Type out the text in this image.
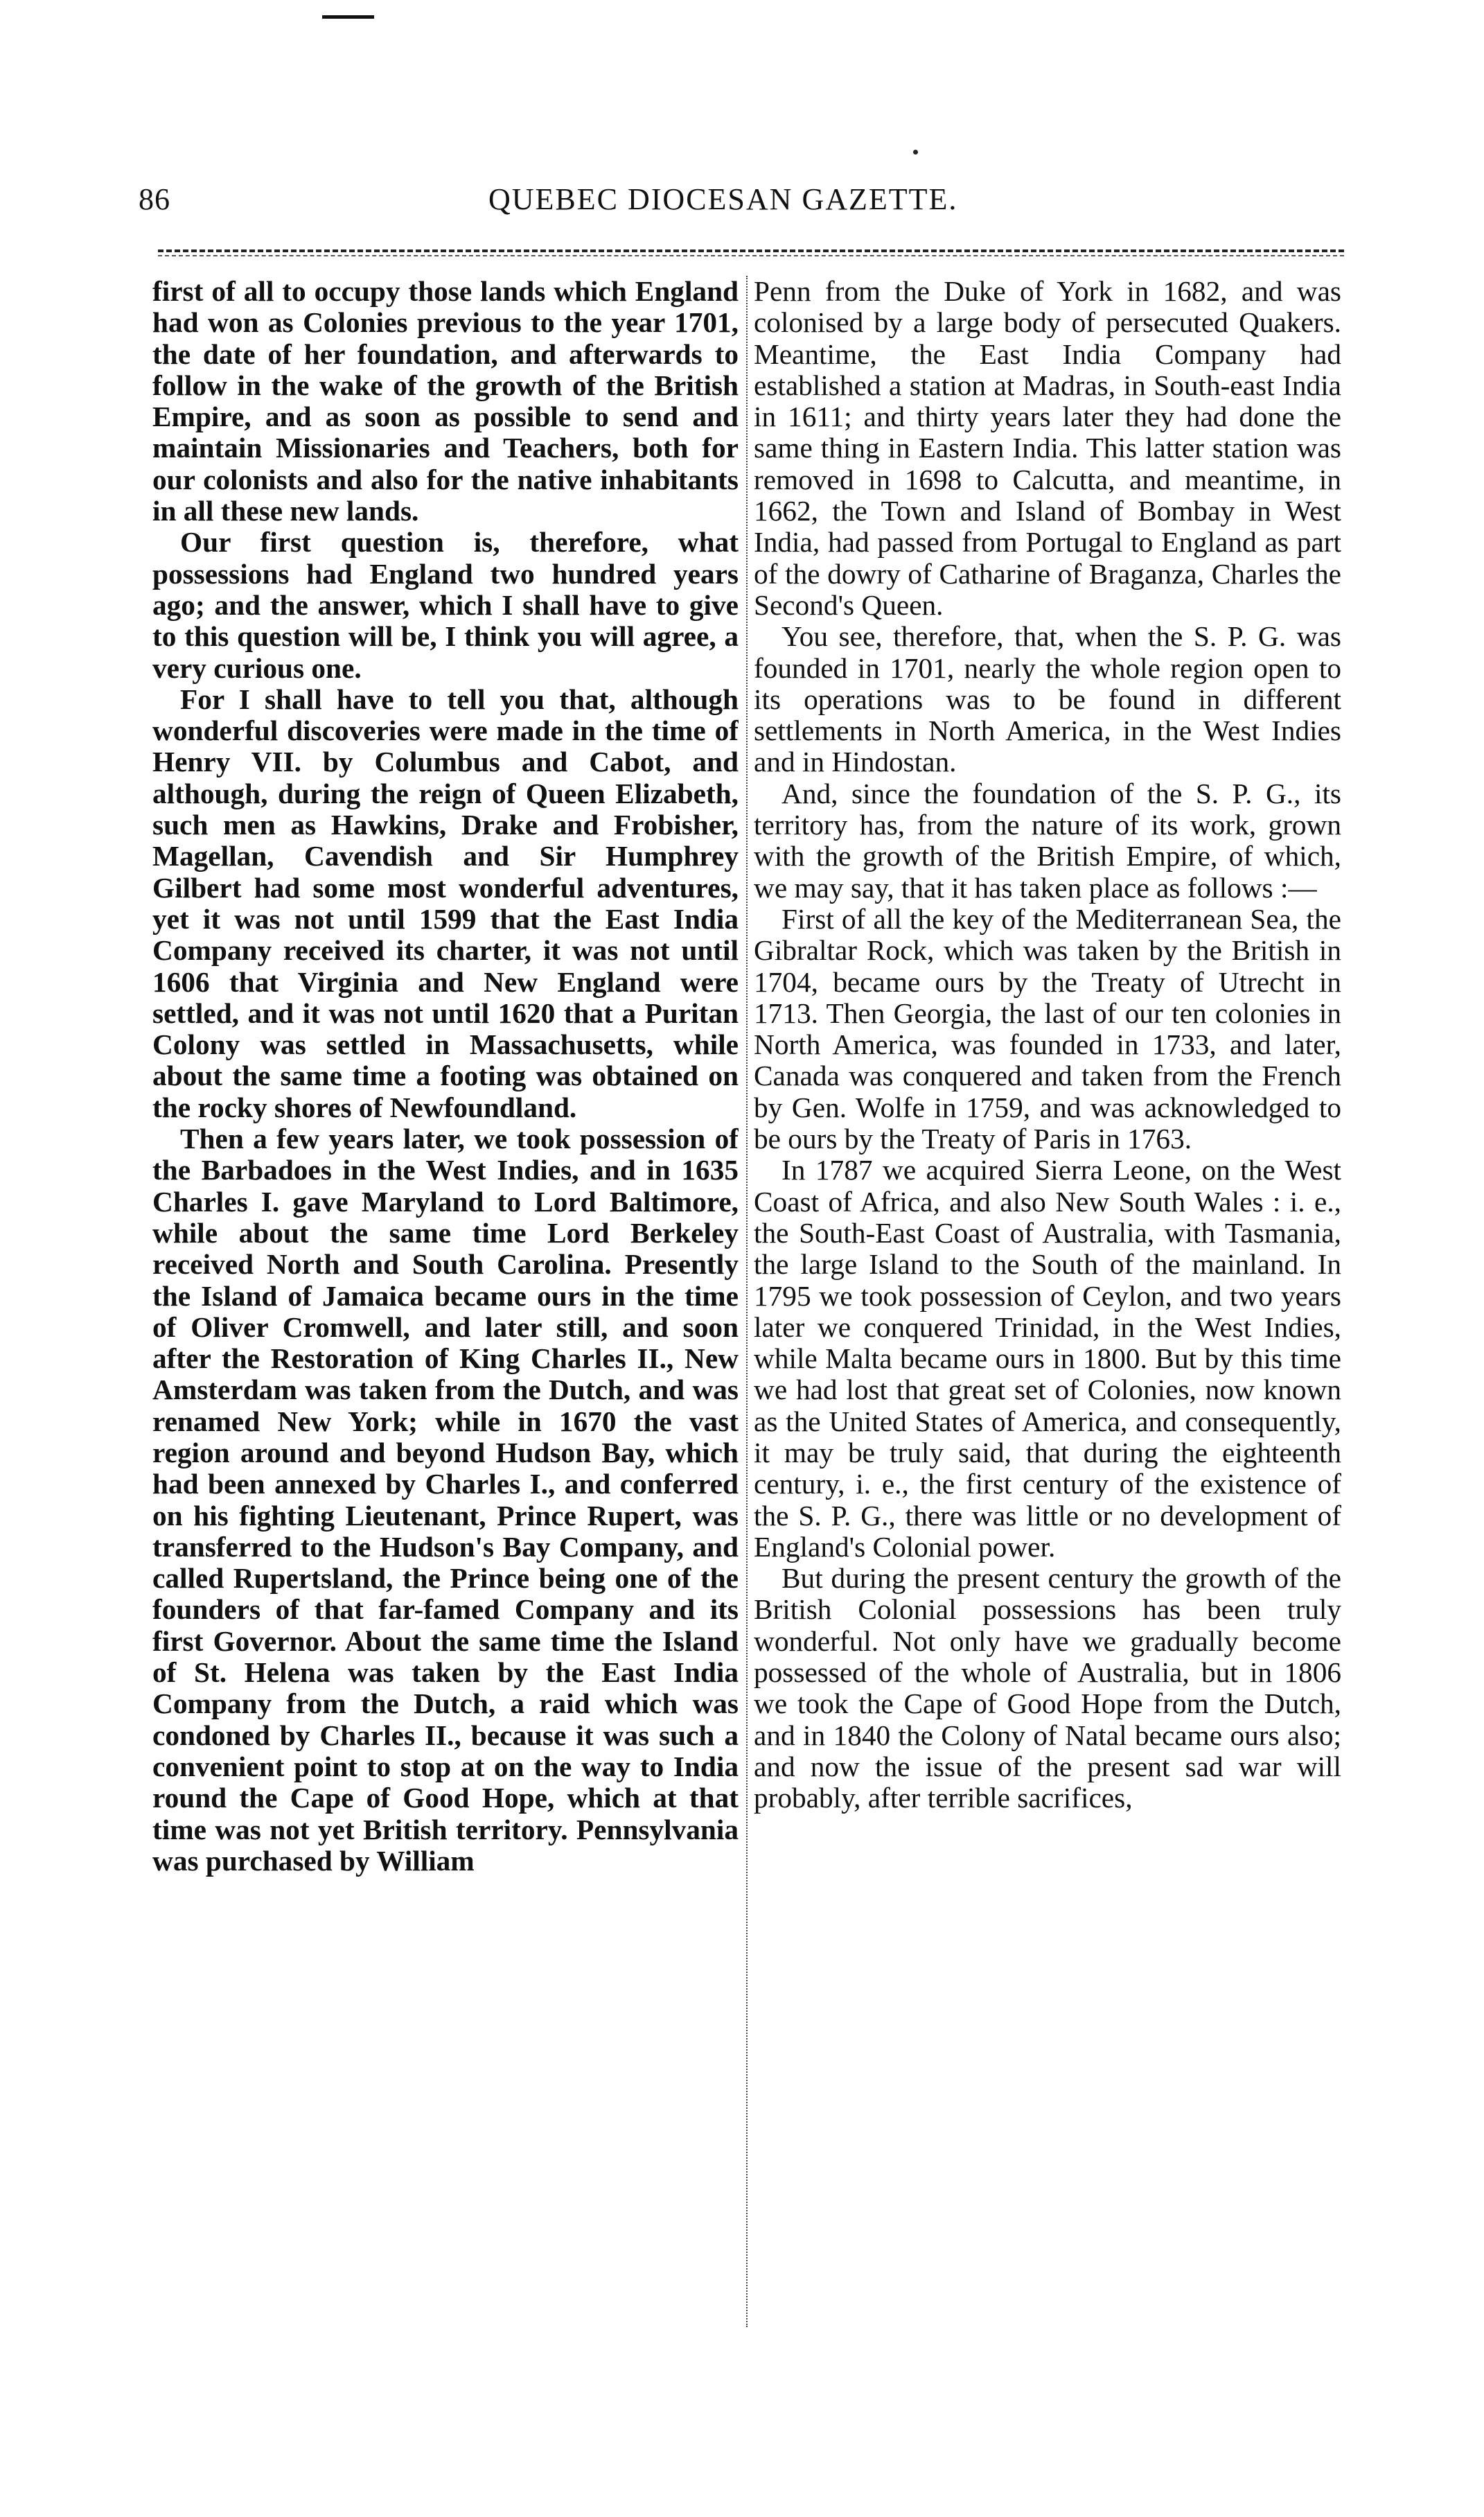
86	QUEBEC DIOCESAN GAZETTE.

first of all to occupy those lands which England had won as Colonies previous to the year 1701, the date of her foundation, and afterwards to follow in the wake of the growth of the British Empire, and as soon as possible to send and maintain Missionaries and Teachers, both for our colonists and also for the native inhabitants in all these new lands.

Our first question is, therefore, what possessions had England two hundred years ago; and the answer, which I shall have to give to this question will be, I think you will agree, a very curious one.

For I shall have to tell you that, although wonderful discoveries were made in the time of Henry VII. by Columbus and Cabot, and although, during the reign of Queen Elizabeth, such men as Hawkins, Drake and Frobisher, Magellan, Cavendish and Sir Humphrey Gilbert had some most wonderful adventures, yet it was not until 1599 that the East India Company received its charter, it was not until 1606 that Virginia and New England were settled, and it was not until 1620 that a Puritan Colony was settled in Massachusetts, while about the same time a footing was obtained on the rocky shores of Newfoundland.

Then a few years later, we took possession of the Barbadoes in the West Indies, and in 1635 Charles I. gave Maryland to Lord Baltimore, while about the same time Lord Berkeley received North and South Carolina. Presently the Island of Jamaica became ours in the time of Oliver Cromwell, and later still, and soon after the Restoration of King Charles II., New Amsterdam was taken from the Dutch, and was renamed New York; while in 1670 the vast region around and beyond Hudson Bay, which had been annexed by Charles I., and conferred on his fighting Lieutenant, Prince Rupert, was transferred to the Hudson's Bay Company, and called Rupertsland, the Prince being one of the founders of that far-famed Company and its first Governor. About the same time the Island of St. Helena was taken by the East India Company from the Dutch, a raid which was condoned by Charles II., because it was such a convenient point to stop at on the way to India round the Cape of Good Hope, which at that time was not yet British territory. Pennsylvania was purchased by William

Penn from the Duke of York in 1682, and was colonised by a large body of persecuted Quakers. Meantime, the East India Company had established a station at Madras, in South-east India in 1611; and thirty years later they had done the same thing in Eastern India. This latter station was removed in 1698 to Calcutta, and meantime, in 1662, the Town and Island of Bombay in West India, had passed from Portugal to England as part of the dowry of Catharine of Braganza, Charles the Second's Queen.

You see, therefore, that, when the S. P. G. was founded in 1701, nearly the whole region open to its operations was to be found in different settlements in North America, in the West Indies and in Hindostan.

And, since the foundation of the S. P. G., its territory has, from the nature of its work, grown with the growth of the British Empire, of which, we may say, that it has taken place as follows :—

First of all the key of the Mediterranean Sea, the Gibraltar Rock, which was taken by the British in 1704, became ours by the Treaty of Utrecht in 1713. Then Georgia, the last of our ten colonies in North America, was founded in 1733, and later, Canada was conquered and taken from the French by Gen. Wolfe in 1759, and was acknowledged to be ours by the Treaty of Paris in 1763.

In 1787 we acquired Sierra Leone, on the West Coast of Africa, and also New South Wales : i. e., the South-East Coast of Australia, with Tasmania, the large Island to the South of the mainland. In 1795 we took possession of Ceylon, and two years later we conquered Trinidad, in the West Indies, while Malta became ours in 1800. But by this time we had lost that great set of Colonies, now known as the United States of America, and consequently, it may be truly said, that during the eighteenth century, i. e., the first century of the existence of the S. P. G., there was little or no development of England's Colonial power.

But during the present century the growth of the British Colonial possessions has been truly wonderful. Not only have we gradually become possessed of the whole of Australia, but in 1806 we took the Cape of Good Hope from the Dutch, and in 1840 the Colony of Natal became ours also; and now the issue of the present sad war will probably, after terrible sacrifices,
